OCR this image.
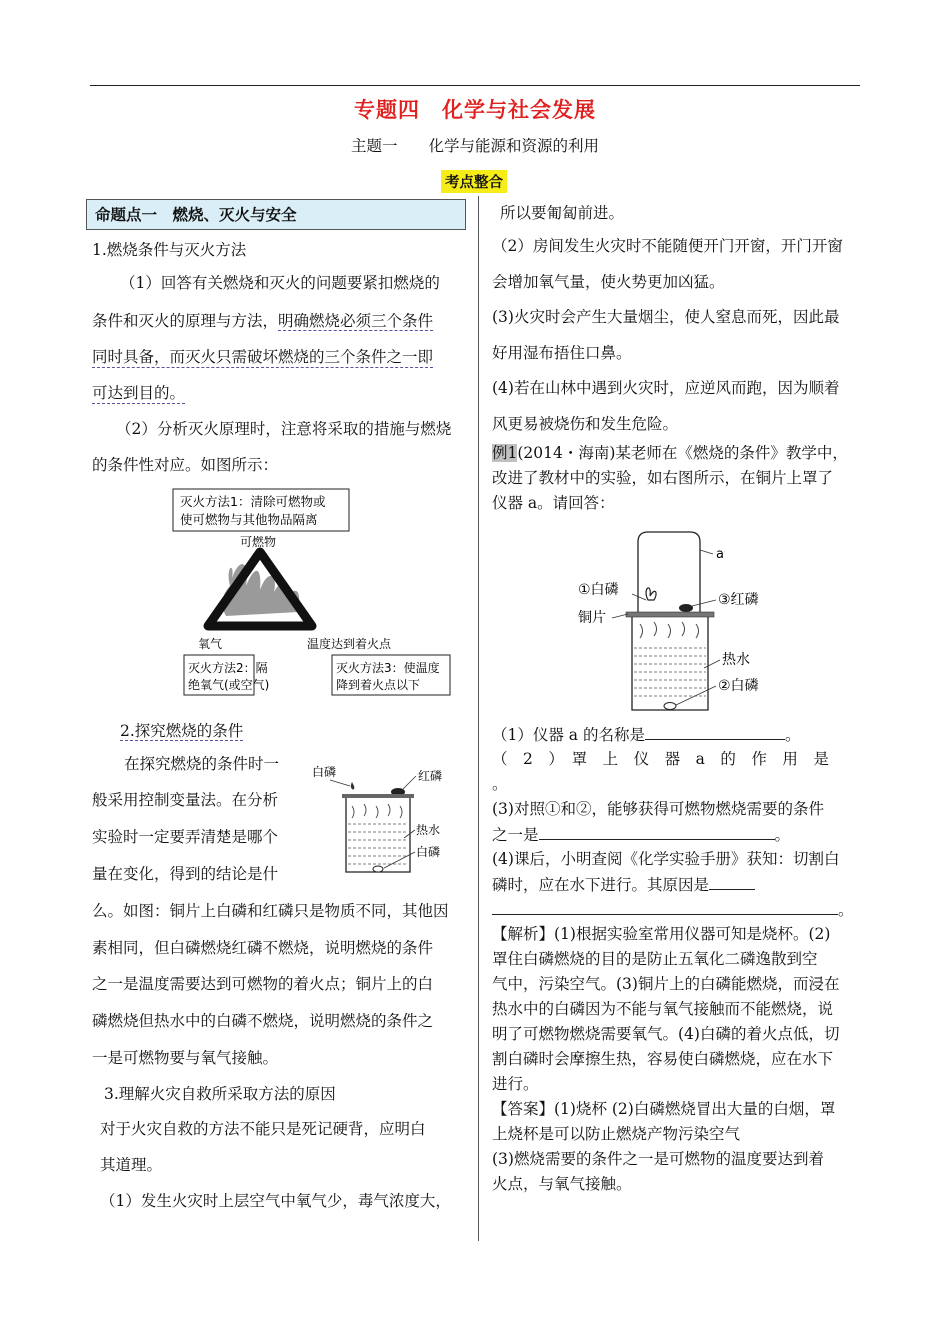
专题四　化学与社会发展
主题一　　化学与能源和资源的利用
考点整合
命题点一　燃烧、灭火与安全
1.燃烧条件与灭火方法
（1）回答有关燃烧和灭火的问题要紧扣燃烧的
条件和灭火的原理与方法，明确燃烧必须三个条件
同时具备，而灭火只需破坏燃烧的三个条件之一即
可达到目的。
（2）分析灭火原理时，注意将采取的措施与燃烧
的条件性对应。如图所示：
灭火方法1：清除可燃物或
使可燃物与其他物品隔离
可燃物
氧气	温度达到着火点
灭火方法2：隔
绝氧气(或空气)
灭火方法3：使温度
降到着火点以下
2.探究燃烧的条件
在探究燃烧的条件时一
般采用控制变量法。在分析
实验时一定要弄清楚是哪个
量在变化，得到的结论是什
白磷	红磷
热水
白磷
么。如图：铜片上白磷和红磷只是物质不同，其他因
素相同，但白磷燃烧红磷不燃烧，说明燃烧的条件
之一是温度需要达到可燃物的着火点；铜片上的白
磷燃烧但热水中的白磷不燃烧，说明燃烧的条件之
一是可燃物要与氧气接触。
3.理解火灾自救所采取方法的原因
对于火灾自救的方法不能只是死记硬背，应明白
其道理。
（1）发生火灾时上层空气中氧气少，毒气浓度大，
所以要匍匐前进。
（2）房间发生火灾时不能随便开门开窗，开门开窗
会增加氧气量，使火势更加凶猛。
(3)火灾时会产生大量烟尘，使人窒息而死，因此最
好用湿布捂住口鼻。
(4)若在山林中遇到火灾时，应逆风而跑，因为顺着
风更易被烧伤和发生危险。
例1(2014・海南)某老师在《燃烧的条件》教学中，
改进了教材中的实验，如右图所示，在铜片上罩了
仪器 a。请回答：
a
①白磷
铜片
③红磷
热水
②白磷
（1）仪器 a 的名称是	。
（　2　）　罩　上　仪　器　a　的　作　用　是
。
(3)对照①和②，能够获得可燃物燃烧需要的条件
之一是	。
(4)课后，小明查阅《化学实验手册》获知：切割白
磷时，应在水下进行。其原因是
。
【解析】(1)根据实验室常用仪器可知是烧杯。(2)
罩住白磷燃烧的目的是防止五氧化二磷逸散到空
气中，污染空气。(3)铜片上的白磷能燃烧，而浸在
热水中的白磷因为不能与氧气接触而不能燃烧，说
明了可燃物燃烧需要氧气。(4)白磷的着火点低，切
割白磷时会摩擦生热，容易使白磷燃烧，应在水下
进行。
【答案】(1)烧杯 (2)白磷燃烧冒出大量的白烟，罩
上烧杯是可以防止燃烧产物污染空气
(3)燃烧需要的条件之一是可燃物的温度要达到着
火点，与氧气接触。
